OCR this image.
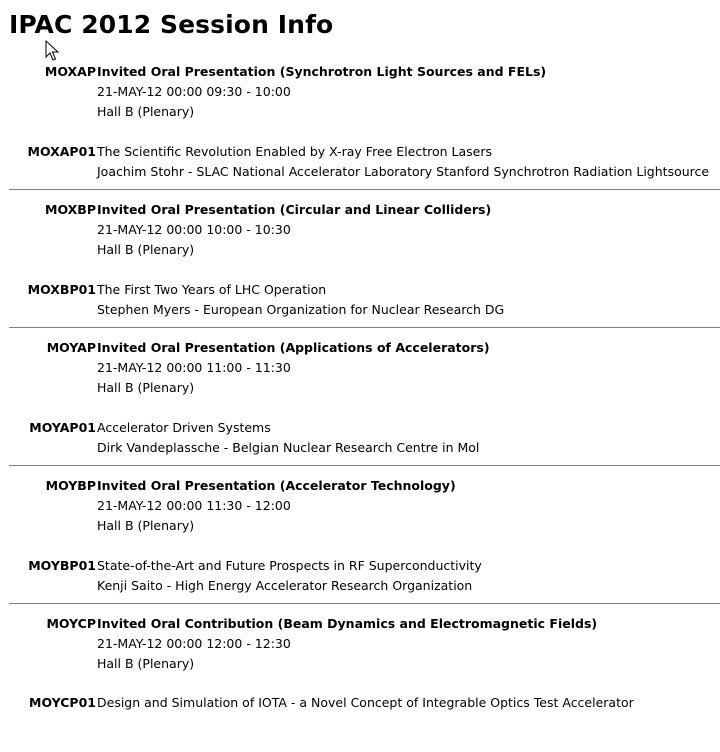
IPAC 2012 Session Info
MOXAP Invited Oral Presentation (Synchrotron Light Sources and FELs)
21-MAY-12 00:00 09:30 - 10:00
Hall B (Plenary)
MOXAP01 The Scientific Revolution Enabled by X-ray Free Electron Lasers
Joachim Stohr - SLAC National Accelerator Laboratory Stanford Synchrotron Radiation Lightsource
MOXBP Invited Oral Presentation (Circular and Linear Colliders)
21-MAY-12 00:00 10:00 - 10:30
Hall B (Plenary)
MOXBP01 The First Two Years of LHC Operation
Stephen Myers - European Organization for Nuclear Research DG
MOYAP Invited Oral Presentation (Applications of Accelerators)
21-MAY-12 00:00 11:00 - 11:30
Hall B (Plenary)
MOYAP01 Accelerator Driven Systems
Dirk Vandeplassche - Belgian Nuclear Research Centre in Mol
MOYBP Invited Oral Presentation (Accelerator Technology)
21-MAY-12 00:00 11:30 - 12:00
Hall B (Plenary)
MOYBP01 State-of-the-Art and Future Prospects in RF Superconductivity
Kenji Saito - High Energy Accelerator Research Organization
MOYCP Invited Oral Contribution (Beam Dynamics and Electromagnetic Fields)
21-MAY-12 00:00 12:00 - 12:30
Hall B (Plenary)
MOYCP01 Design and Simulation of IOTA - a Novel Concept of Integrable Optics Test Accelerator
